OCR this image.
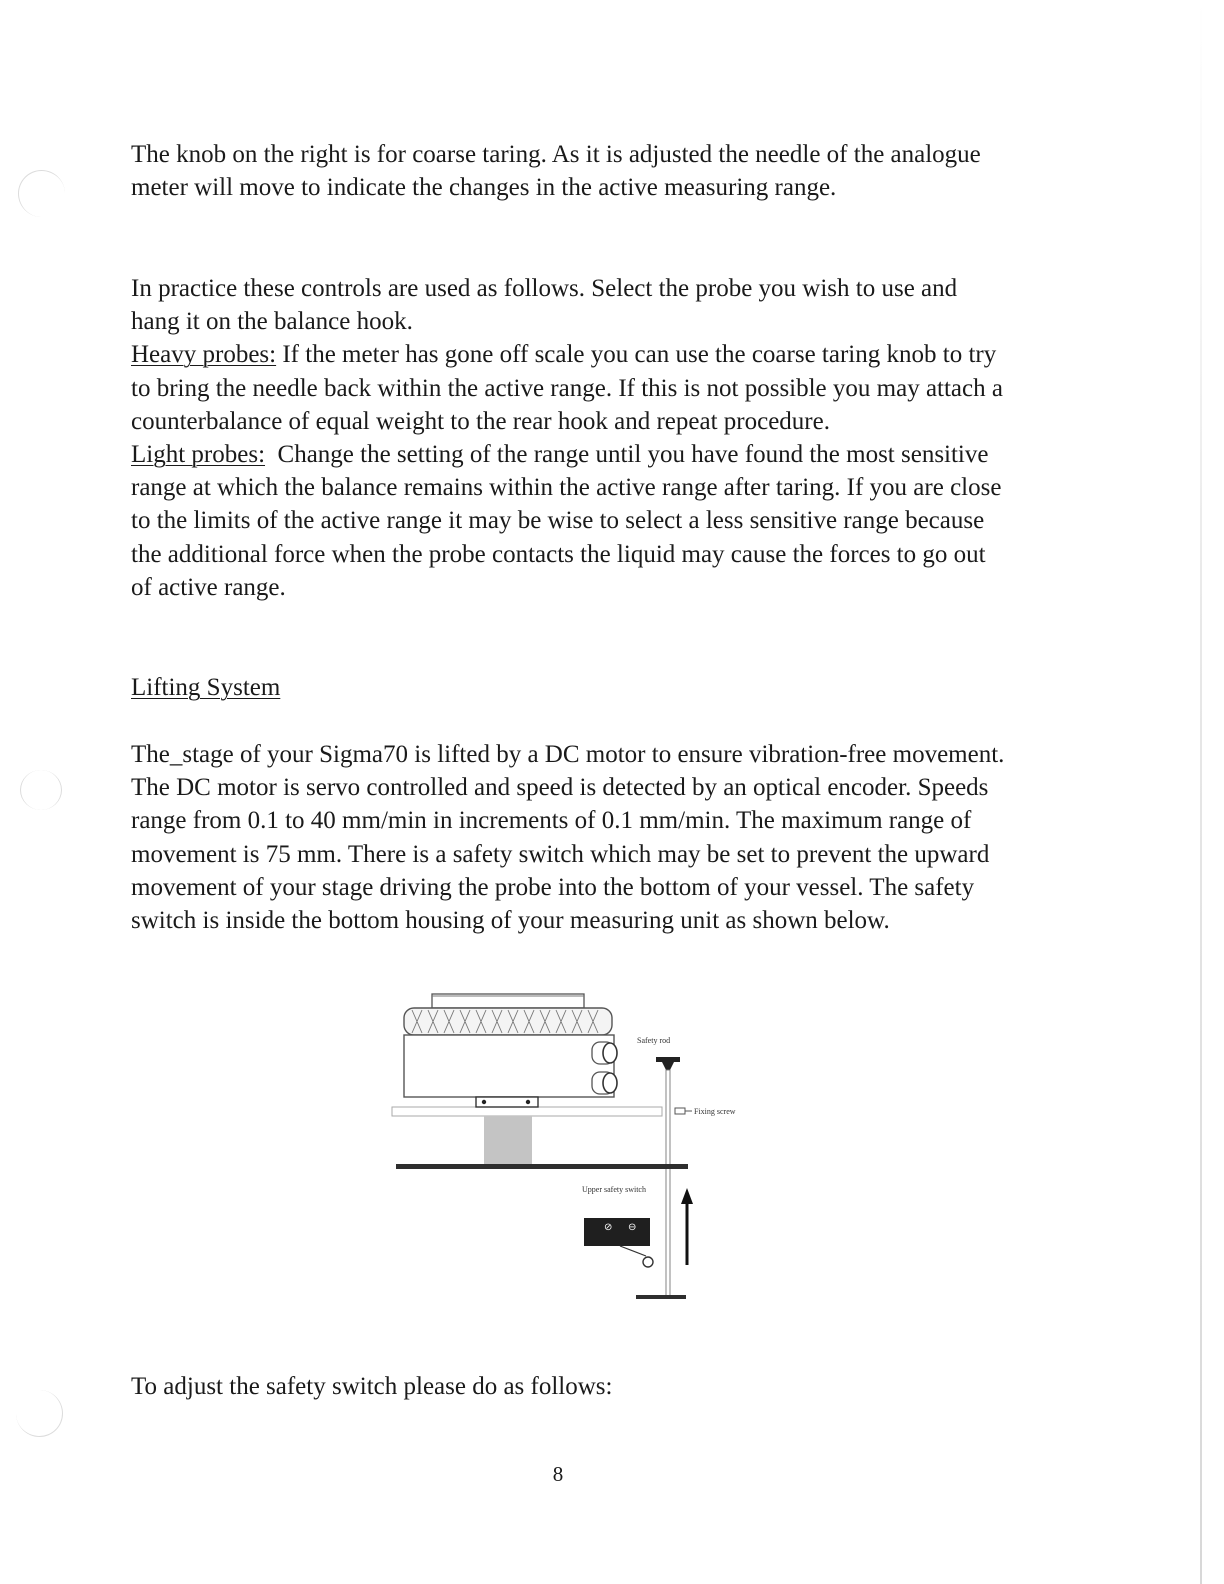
The knob on the right is for coarse taring. As it is adjusted the needle of the analogue meter will move to indicate the changes in the active measuring range.

In practice these controls are used as follows. Select the probe you wish to use and hang it on the balance hook.

Heavy probes: If the meter has gone off scale you can use the coarse taring knob to try to bring the needle back within the active range. If this is not possible you may attach a counterbalance of equal weight to the rear hook and repeat procedure.

Light probes:  Change the setting of the range until you have found the most sensitive range at which the balance remains within the active range after taring. If you are close to the limits of the active range it may be wise to select a less sensitive range because the additional force when the probe contacts the liquid may cause the forces to go out of active range.

Lifting System

The_stage of your Sigma70 is lifted by a DC motor to ensure vibration-free movement. The DC motor is servo controlled and speed is detected by an optical encoder. Speeds range from 0.1 to 40 mm/min in increments of 0.1 mm/min. The maximum range of movement is 75 mm. There is a safety switch which may be set to prevent the upward movement of your stage driving the probe into the bottom of your vessel. The safety switch is inside the bottom housing of your measuring unit as shown below.

Safety rod
Fixing screw
Upper safety switch
⊘ ⊖

To adjust the safety switch please do as follows:

8
